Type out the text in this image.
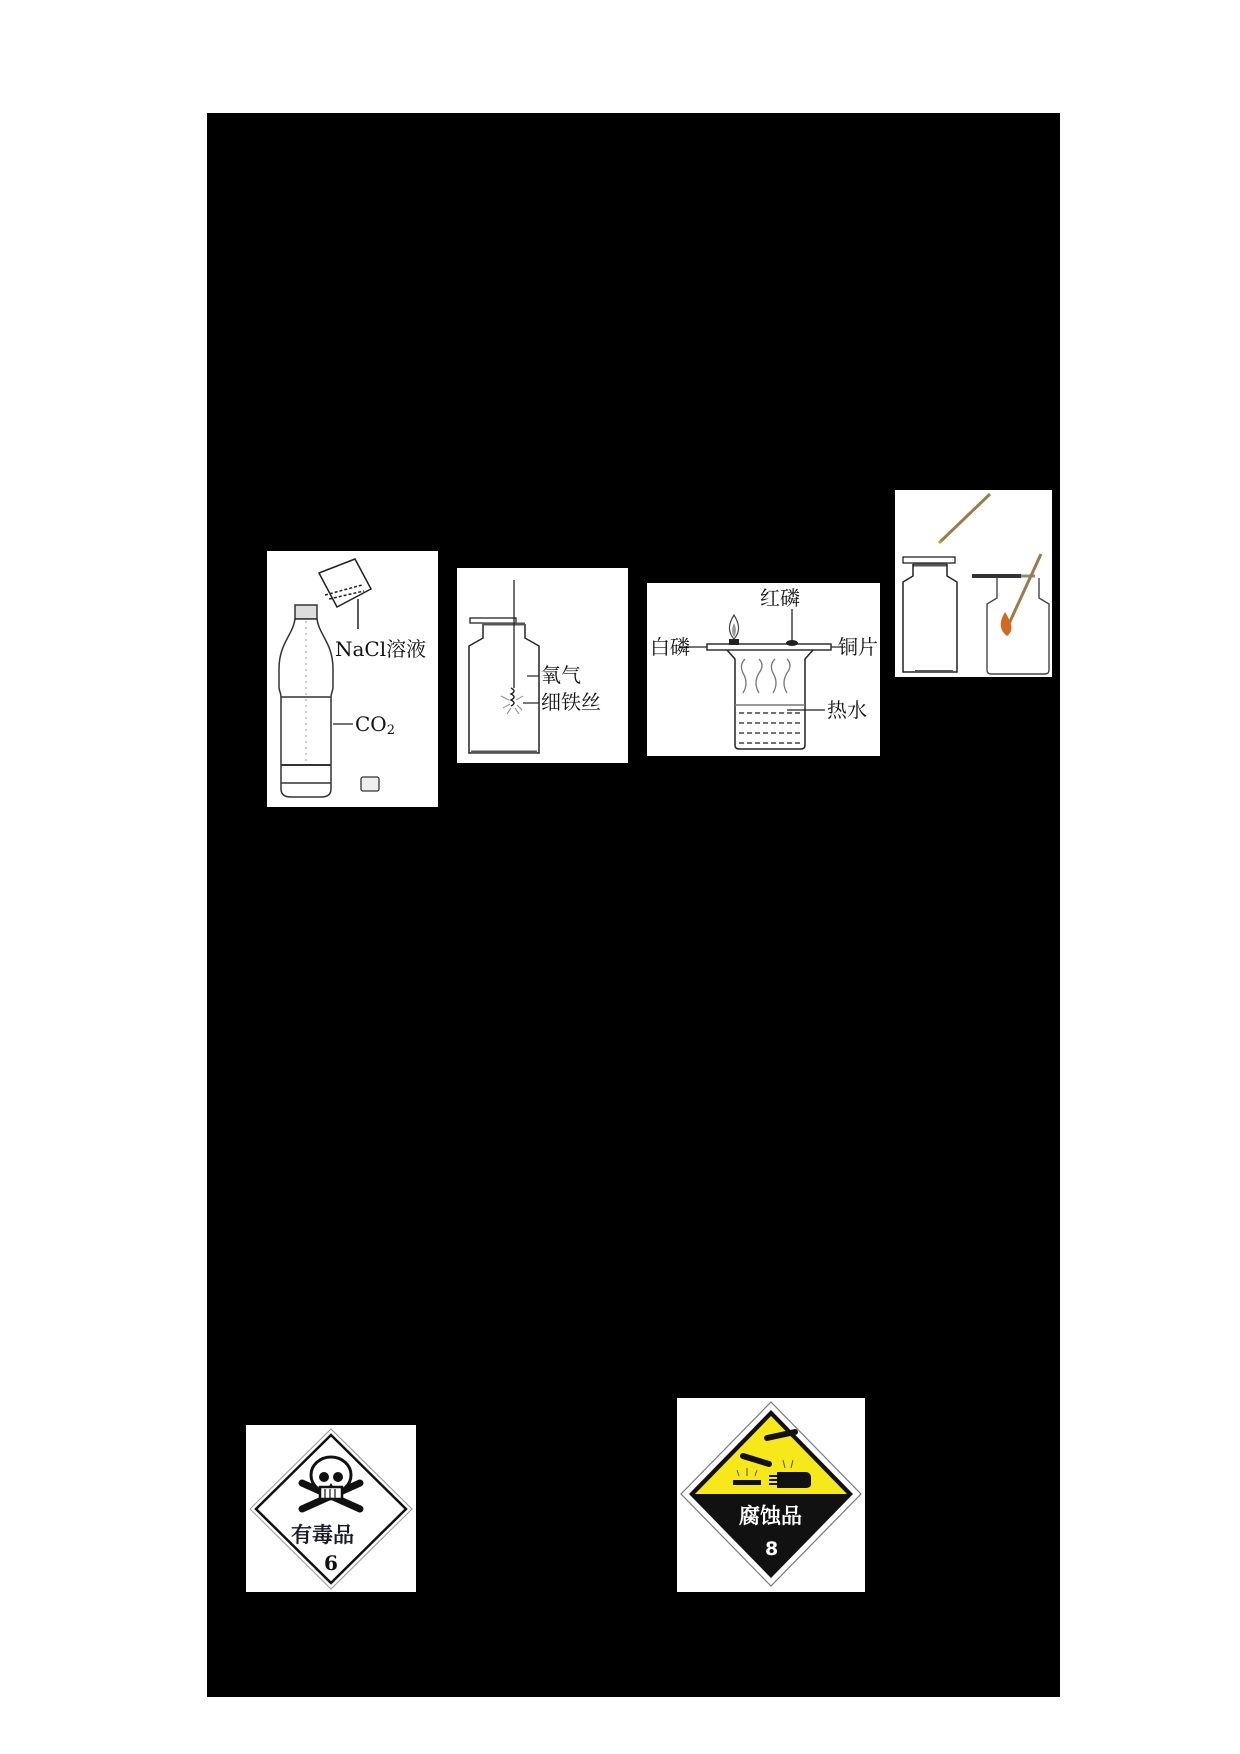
NaCl溶液
$CO_2$
氧气
细铁丝
红磷
白磷	铜片
热水
有毒品
6
腐蚀品
8
